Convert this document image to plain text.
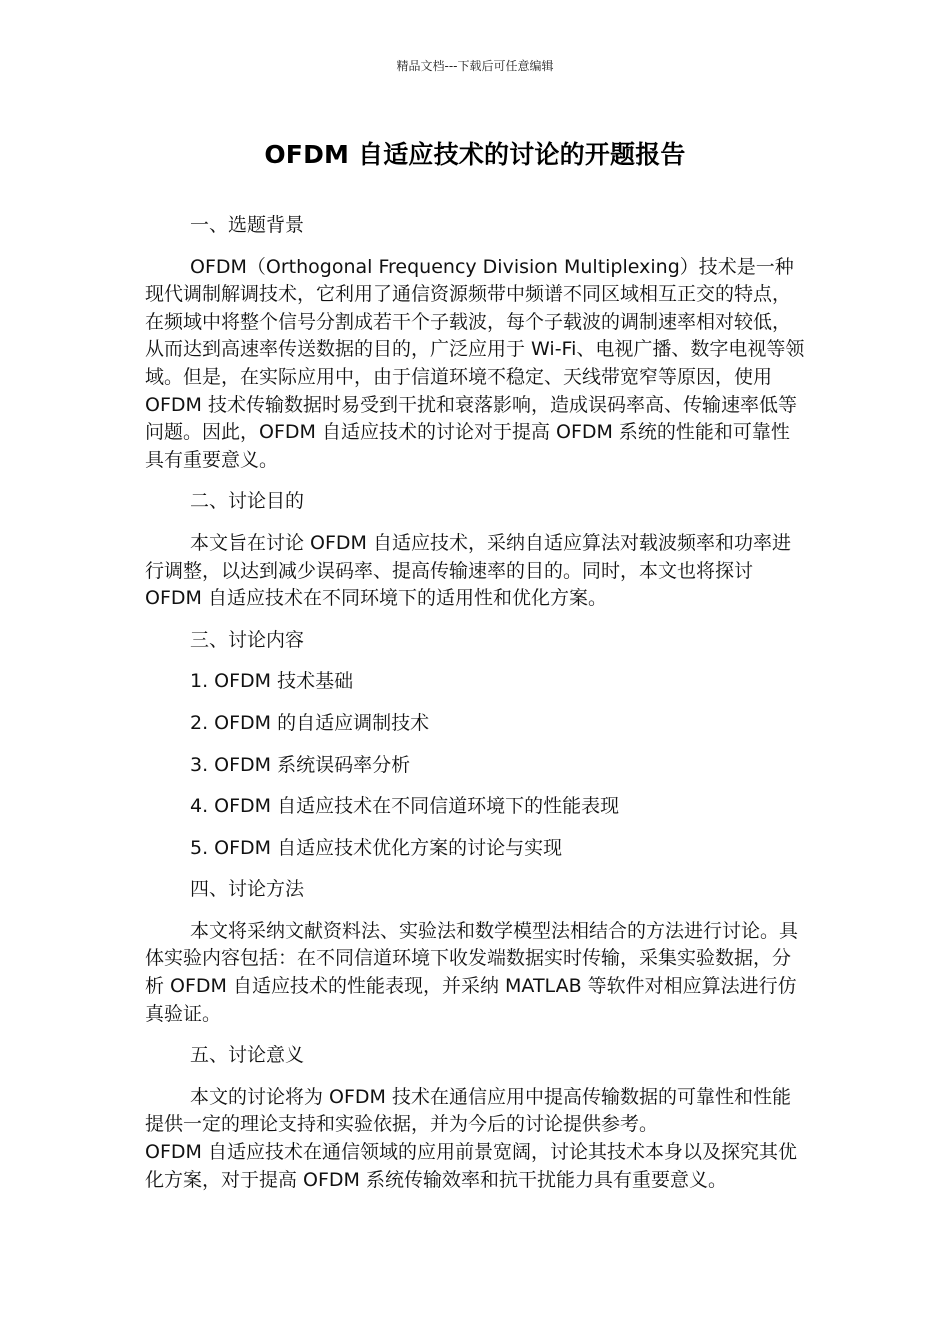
精品文档---下载后可任意编辑
OFDM 自适应技术的讨论的开题报告

一、选题背景

OFDM（Orthogonal Frequency Division Multiplexing）技术是一种现代调制解调技术，它利用了通信资源频带中频谱不同区域相互正交的特点，在频域中将整个信号分割成若干个子载波，每个子载波的调制速率相对较低，从而达到高速率传送数据的目的，广泛应用于 Wi-Fi、电视广播、数字电视等领域。但是，在实际应用中，由于信道环境不稳定、天线带宽窄等原因，使用 OFDM 技术传输数据时易受到干扰和衰落影响，造成误码率高、传输速率低等问题。因此，OFDM 自适应技术的讨论对于提高 OFDM 系统的性能和可靠性具有重要意义。

二、讨论目的

本文旨在讨论 OFDM 自适应技术，采纳自适应算法对载波频率和功率进行调整，以达到减少误码率、提高传输速率的目的。同时，本文也将探讨 OFDM 自适应技术在不同环境下的适用性和优化方案。

三、讨论内容

1. OFDM 技术基础

2. OFDM 的自适应调制技术

3. OFDM 系统误码率分析

4. OFDM 自适应技术在不同信道环境下的性能表现

5. OFDM 自适应技术优化方案的讨论与实现

四、讨论方法

本文将采纳文献资料法、实验法和数学模型法相结合的方法进行讨论。具体实验内容包括：在不同信道环境下收发端数据实时传输，采集实验数据，分析 OFDM 自适应技术的性能表现，并采纳 MATLAB 等软件对相应算法进行仿真验证。

五、讨论意义

本文的讨论将为 OFDM 技术在通信应用中提高传输数据的可靠性和性能提供一定的理论支持和实验依据，并为今后的讨论提供参考。

OFDM 自适应技术在通信领域的应用前景宽阔，讨论其技术本身以及探究其优化方案，对于提高 OFDM 系统传输效率和抗干扰能力具有重要意义。
